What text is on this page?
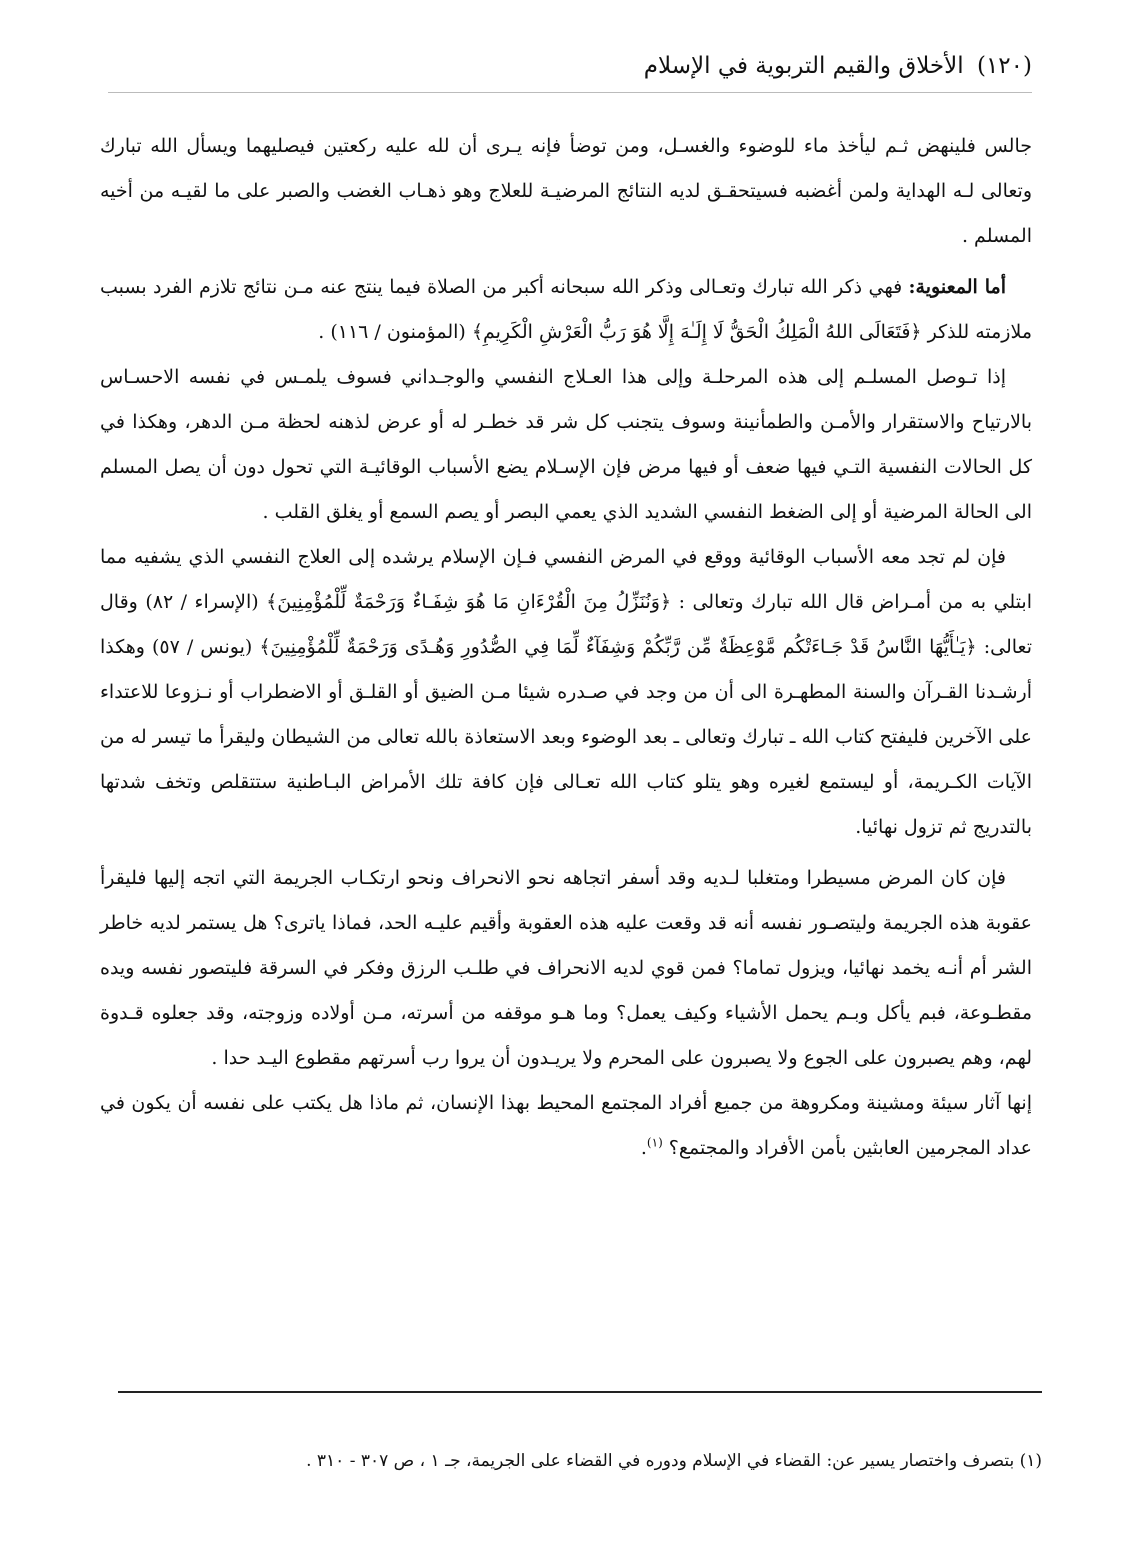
(١٢٠) الأخلاق والقيم التربوية في الإسلام

جالس فلينهض ثـم ليأخذ ماء للوضوء والغسـل، ومن توضأ فإنه يـرى أن لله عليه ركعتين فيصليهما ويسأل الله تبارك وتعالى لـه الهداية ولمن أغضبه فسيتحقـق لديه النتائج المرضيـة للعلاج وهو ذهـاب الغضب والصبر على ما لقيـه من أخيه المسلم .

أما المعنوية: فهي ذكر الله تبارك وتعـالى وذكر الله سبحانه أكبر من الصلاة فيما ينتج عنه مـن نتائج تلازم الفرد بسبب ملازمته للذكر ﴿فَتَعَالَى اللهُ الْمَلِكُ الْحَقُّ لَا إِلَـٰهَ إِلَّا هُوَ رَبُّ الْعَرْشِ الْكَرِيمِ﴾ (المؤمنون / ١١٦) .

إذا تـوصل المسلـم إلى هذه المرحلـة وإلى هذا العـلاج النفسي والوجـداني فسوف يلمـس في نفسه الاحسـاس بالارتياح والاستقرار والأمـن والطمأنينة وسوف يتجنب كل شر قد خطـر له أو عرض لذهنه لحظة مـن الدهر، وهكذا في كل الحالات النفسية التـي فيها ضعف أو فيها مرض فإن الإسـلام يضع الأسباب الوقائيـة التي تحول دون أن يصل المسلم الى الحالة المرضية أو إلى الضغط النفسي الشديد الذي يعمي البصر أو يصم السمع أو يغلق القلب .

فإن لم تجد معه الأسباب الوقائية ووقع في المرض النفسي فـإن الإسلام يرشده إلى العلاج النفسي الذي يشفيه مما ابتلي به من أمـراض قال الله تبارك وتعالى : ﴿وَنُنَزِّلُ مِنَ الْقُرْءَانِ مَا هُوَ شِفَـاءٌ وَرَحْمَةٌ لِّلْمُؤْمِنِينَ﴾ (الإسراء / ٨٢) وقال تعالى: ﴿يَـٰأَيُّهَا النَّاسُ قَدْ جَـاءَتْكُم مَّوْعِظَةٌ مِّن رَّبِّكُمْ وَشِفَآءٌ لِّمَا فِي الصُّدُورِ وَهُـدًى وَرَحْمَةٌ لِّلْمُؤْمِنِينَ﴾ (يونس / ٥٧) وهكذا أرشـدنا القـرآن والسنة المطهـرة الى أن من وجد في صـدره شيئا مـن الضيق أو القلـق أو الاضطراب أو نـزوعا للاعتداء على الآخرين فليفتح كتاب الله ـ تبارك وتعالى ـ بعد الوضوء وبعد الاستعاذة بالله تعالى من الشيطان وليقرأ ما تيسر له من الآيات الكـريمة، أو ليستمع لغيره وهو يتلو كتاب الله تعـالى فإن كافة تلك الأمراض البـاطنية ستتقلص وتخف شدتها بالتدريج ثم تزول نهائيا.

فإن كان المرض مسيطرا ومتغلبا لـديه وقد أسفر اتجاهه نحو الانحراف ونحو ارتكـاب الجريمة التي اتجه إليها فليقرأ عقوبة هذه الجريمة وليتصـور نفسه أنه قد وقعت عليه هذه العقوبة وأقيم عليـه الحد، فماذا ياترى؟ هل يستمر لديه خاطر الشر أم أنـه يخمد نهائيا، ويزول تماما؟ فمن قوي لديه الانحراف في طلـب الرزق وفكر في السرقة فليتصور نفسه ويده مقطـوعة، فبم يأكل وبـم يحمل الأشياء وكيف يعمل؟ وما هـو موقفه من أسرته، مـن أولاده وزوجته، وقد جعلوه قـدوة لهم، وهم يصبرون على الجوع ولا يصبرون على المحرم ولا يريـدون أن يروا رب أسرتهم مقطوع اليـد حدا .

إنها آثار سيئة ومشينة ومكروهة من جميع أفراد المجتمع المحيط بهذا الإنسان، ثم ماذا هل يكتب على نفسه أن يكون في عداد المجرمين العابثين بأمن الأفراد والمجتمع؟ $^{(١)}$.

(١) بتصرف واختصار يسير عن: القضاء في الإسلام ودوره في القضاء على الجريمة، جـ ١ ، ص ٣٠٧ - ٣١٠ .
